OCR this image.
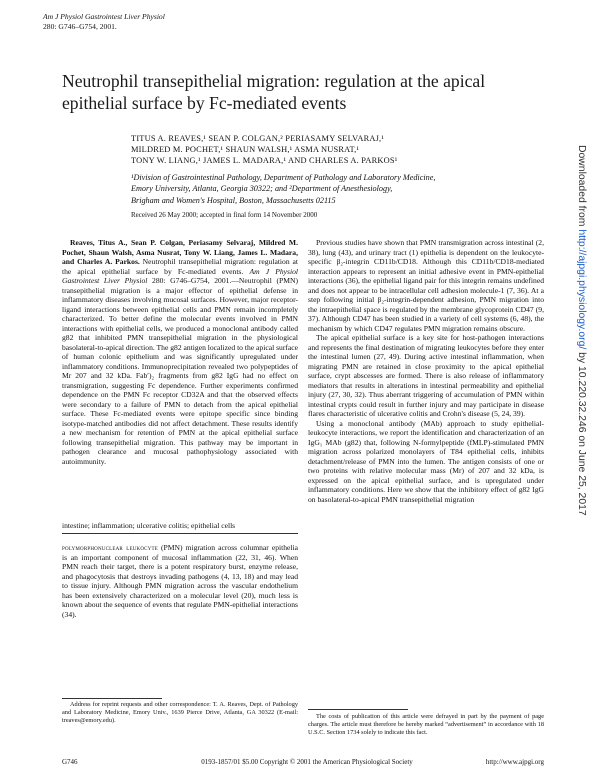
Am J Physiol Gastrointest Liver Physiol
280: G746–G754, 2001.
Neutrophil transepithelial migration: regulation at the apical epithelial surface by Fc-mediated events
TITUS A. REAVES,¹ SEAN P. COLGAN,² PERIASAMY SELVARAJ,¹
MILDRED M. POCHET,¹ SHAUN WALSH,¹ ASMA NUSRAT,¹
TONY W. LIANG,¹ JAMES L. MADARA,¹ AND CHARLES A. PARKOS¹
¹Division of Gastrointestinal Pathology, Department of Pathology and Laboratory Medicine,
Emory University, Atlanta, Georgia 30322; and ²Department of Anesthesiology,
Brigham and Women's Hospital, Boston, Massachusetts 02115
Received 26 May 2000; accepted in final form 14 November 2000

Reaves, Titus A., Sean P. Colgan, Periasamy Selvaraj, Mildred M. Pochet, Shaun Walsh, Asma Nusrat, Tony W. Liang, James L. Madara, and Charles A. Parkos. Neutrophil transepithelial migration: regulation at the apical epithelial surface by Fc-mediated events. Am J Physiol Gastrointest Liver Physiol 280: G746–G754, 2001.—Neutrophil (PMN) transepithelial migration is a major effector of epithelial defense in inflammatory diseases involving mucosal surfaces. However, major receptor-ligand interactions between epithelial cells and PMN remain incompletely characterized. To better define the molecular events involved in PMN interactions with epithelial cells, we produced a monoclonal antibody called g82 that inhibited PMN transepithelial migration in the physiological basolateral-to-apical direction. The g82 antigen localized to the apical surface of human colonic epithelium and was significantly upregulated under inflammatory conditions. Immunoprecipitation revealed two polypeptides of Mr 207 and 32 kDa. Fab′)₂ fragments from g82 IgG had no effect on transmigration, suggesting Fc dependence. Further experiments confirmed dependence on the PMN Fc receptor CD32A and that the observed effects were secondary to a failure of PMN to detach from the apical epithelial surface. These Fc-mediated events were epitope specific since binding isotype-matched antibodies did not affect detachment. These results identify a new mechanism for retention of PMN at the apical epithelial surface following transepithelial migration. This pathway may be important in pathogen clearance and mucosal pathophysiology associated with autoimmunity.

intestine; inflammation; ulcerative colitis; epithelial cells

polymorphonuclear leukocyte (PMN) migration across columnar epithelia is an important component of mucosal inflammation (22, 31, 46). When PMN reach their target, there is a potent respiratory burst, enzyme release, and phagocytosis that destroys invading pathogens (4, 13, 18) and may lead to tissue injury. Although PMN migration across the vascular endothelium has been extensively characterized on a molecular level (20), much less is known about the sequence of events that regulate PMN-epithelial interactions (34).

Previous studies have shown that PMN transmigration across intestinal (2, 38), lung (43), and urinary tract (1) epithelia is dependent on the leukocyte-specific β₂-integrin CD11b/CD18. Although this CD11b/CD18-mediated interaction appears to represent an initial adhesive event in PMN-epithelial interactions (36), the epithelial ligand pair for this integrin remains undefined and does not appear to be intracellular cell adhesion molecule-1 (7, 36). At a step following initial β₂-integrin-dependent adhesion, PMN migration into the intraepithelial space is regulated by the membrane glycoprotein CD47 (9, 37). Although CD47 has been studied in a variety of cell systems (6, 48), the mechanism by which CD47 regulates PMN migration remains obscure.

The apical epithelial surface is a key site for host-pathogen interactions and represents the final destination of migrating leukocytes before they enter the intestinal lumen (27, 49). During active intestinal inflammation, when migrating PMN are retained in close proximity to the apical epithelial surface, crypt abscesses are formed. There is also release of inflammatory mediators that results in alterations in intestinal permeability and epithelial injury (27, 30, 32). Thus aberrant triggering of accumulation of PMN within intestinal crypts could result in further injury and may participate in disease flares characteristic of ulcerative colitis and Crohn's disease (5, 24, 39).

Using a monoclonal antibody (MAb) approach to study epithelial-leukocyte interactions, we report the identification and characterization of an IgG₁ MAb (g82) that, following N-formylpeptide (fMLP)-stimulated PMN migration across polarized monolayers of T84 epithelial cells, inhibits detachment/release of PMN into the lumen. The antigen consists of one or two proteins with relative molecular mass (Mr) of 207 and 32 kDa, is expressed on the apical epithelial surface, and is upregulated under inflammatory conditions. Here we show that the inhibitory effect of g82 IgG on basolateral-to-apical PMN transepithelial migration

Address for reprint requests and other correspondence: T. A. Reaves, Dept. of Pathology and Laboratory Medicine, Emory Univ., 1639 Pierce Drive, Atlanta, GA 30322 (E-mail: treaves@emory.edu).
The costs of publication of this article were defrayed in part by the payment of page charges. The article must therefore be hereby marked “advertisement” in accordance with 18 U.S.C. Section 1734 solely to indicate this fact.
G746	0193-1857/01 $5.00 Copyright © 2001 the American Physiological Society	http://www.ajpgi.org
Downloaded from http://ajpgi.physiology.org/ by 10.220.32.246 on June 25, 2017
